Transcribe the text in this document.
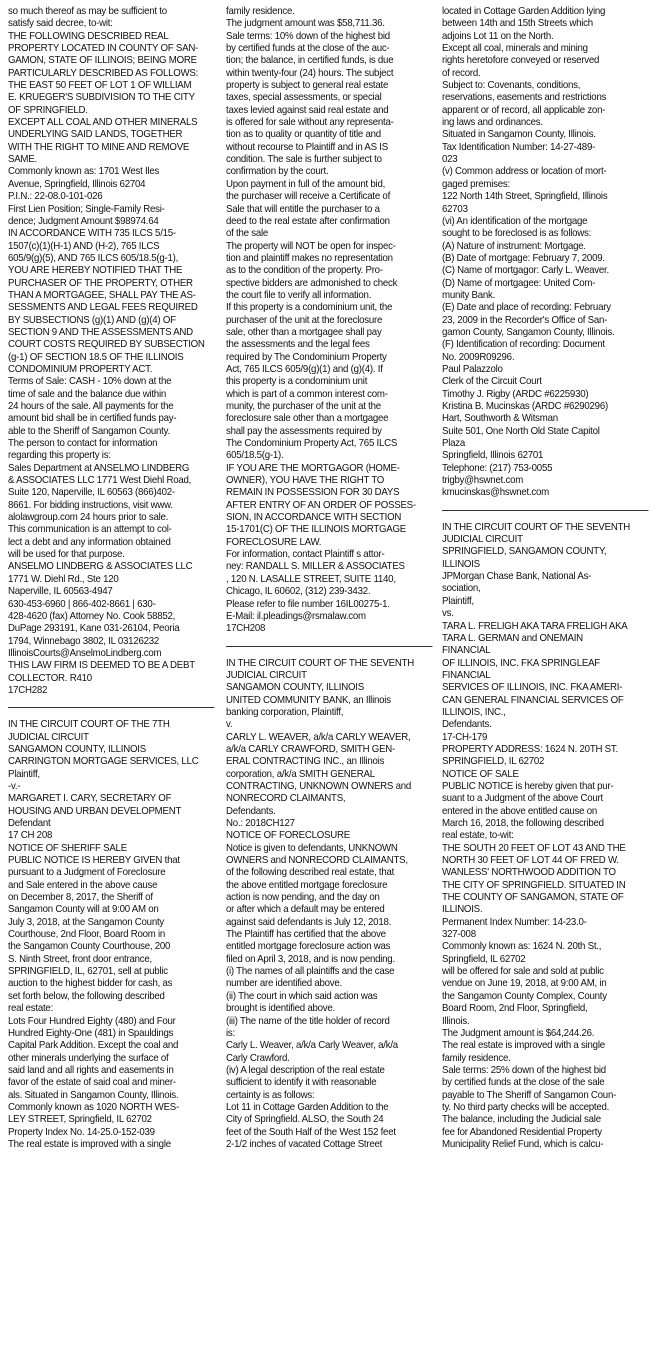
so much thereof as may be sufficient to
satisfy said decree, to-wit:
THE FOLLOWING DESCRIBED REAL
PROPERTY LOCATED IN COUNTY OF SAN-
GAMON, STATE OF ILLINOIS; BEING MORE
PARTICULARLY DESCRIBED AS FOLLOWS:
THE EAST 50 FEET OF LOT 1 OF WILLIAM
E. KRUEGER'S SUBDIVISION TO THE CITY
OF SPRINGFIELD.
EXCEPT ALL COAL AND OTHER MINERALS
UNDERLYING SAID LANDS, TOGETHER
WITH THE RIGHT TO MINE AND REMOVE
SAME.
Commonly known as: 1701 West Iles
Avenue, Springfield, Illinois 62704
P.I.N.: 22-08.0-101-026
First Lien Position; Single-Family Resi-
dence; Judgment Amount $98974.64
IN ACCORDANCE WITH 735 ILCS 5/15-
1507(c)(1)(H-1) AND (H-2), 765 ILCS
605/9(g)(5), AND 765 ILCS 605/18.5(g-1),
YOU ARE HEREBY NOTIFIED THAT THE
PURCHASER OF THE PROPERTY, OTHER
THAN A MORTGAGEE, SHALL PAY THE AS-
SESSMENTS AND LEGAL FEES REQUIRED
BY SUBSECTIONS (g)(1) AND (g)(4) OF
SECTION 9 AND THE ASSESSMENTS AND
COURT COSTS REQUIRED BY SUBSECTION
(g-1) OF SECTION 18.5 OF THE ILLINOIS
CONDOMINIUM PROPERTY ACT.
Terms of Sale: CASH - 10% down at the
time of sale and the balance due within
24 hours of the sale. All payments for the
amount bid shall be in certified funds pay-
able to the Sheriff of Sangamon County.
The person to contact for information
regarding this property is:
Sales Department at ANSELMO LINDBERG
& ASSOCIATES LLC 1771 West Diehl Road,
Suite 120, Naperville, IL 60563 (866)402-
8661. For bidding instructions, visit www.
alolawgroup.com 24 hours prior to sale.
This communication is an attempt to col-
lect a debt and any information obtained
will be used for that purpose.
ANSELMO LINDBERG & ASSOCIATES LLC
1771 W. Diehl Rd., Ste 120
Naperville, IL 60563-4947
630-453-6960 | 866-402-8661 | 630-
428-4620 (fax) Attorney No. Cook 58852,
DuPage 293191, Kane 031-26104, Peoria
1794, Winnebago 3802, IL 03126232
IllinoisCourts@AnselmoLindberg.com
THIS LAW FIRM IS DEEMED TO BE A DEBT
COLLECTOR. R410
17CH282
IN THE CIRCUIT COURT OF THE 7TH
JUDICIAL CIRCUIT
SANGAMON COUNTY, ILLINOIS
CARRINGTON MORTGAGE SERVICES, LLC
Plaintiff,
-v.-
MARGARET I. CARY, SECRETARY OF
HOUSING AND URBAN DEVELOPMENT
Defendant
17 CH 208
NOTICE OF SHERIFF SALE
PUBLIC NOTICE IS HEREBY GIVEN that
pursuant to a Judgment of Foreclosure
and Sale entered in the above cause
on December 8, 2017, the Sheriff of
Sangamon County will at 9:00 AM on
July 3, 2018, at the Sangamon County
Courthouse, 2nd Floor, Board Room in
the Sangamon County Courthouse, 200
S. Ninth Street, front door entrance,
SPRINGFIELD, IL, 62701, sell at public
auction to the highest bidder for cash, as
set forth below, the following described
real estate:
Lots Four Hundred Eighty (480) and Four
Hundred Eighty-One (481) in Spauldings
Capital Park Addition. Except the coal and
other minerals underlying the surface of
said land and all rights and easements in
favor of the estate of said coal and miner-
als. Situated in Sangamon County, Illinois.
Commonly known as 1020 NORTH WES-
LEY STREET, Springfield, IL 62702
Property Index No. 14-25.0-152-039
The real estate is improved with a single
family residence.
The judgment amount was $58,711.36.
Sale terms: 10% down of the highest bid
by certified funds at the close of the auc-
tion; the balance, in certified funds, is due
within twenty-four (24) hours. The subject
property is subject to general real estate
taxes, special assessments, or special
taxes levied against said real estate and
is offered for sale without any representa-
tion as to quality or quantity of title and
without recourse to Plaintiff and in AS IS
condition. The sale is further subject to
confirmation by the court.
Upon payment in full of the amount bid,
the purchaser will receive a Certificate of
Sale that will entitle the purchaser to a
deed to the real estate after confirmation
of the sale
The property will NOT be open for inspec-
tion and plaintiff makes no representation
as to the condition of the property. Pro-
spective bidders are admonished to check
the court file to verify all information.
If this property is a condominium unit, the
purchaser of the unit at the foreclosure
sale, other than a mortgagee shall pay
the assessments and the legal fees
required by The Condominium Property
Act, 765 ILCS 605/9(g)(1) and (g)(4). If
this property is a condominium unit
which is part of a common interest com-
munity, the purchaser of the unit at the
foreclosure sale other than a mortgagee
shall pay the assessments required by
The Condominium Property Act, 765 ILCS
605/18.5(g-1).
IF YOU ARE THE MORTGAGOR (HOME-
OWNER), YOU HAVE THE RIGHT TO
REMAIN IN POSSESSION FOR 30 DAYS
AFTER ENTRY OF AN ORDER OF POSSES-
SION, IN ACCORDANCE WITH SECTION
15-1701(C) OF THE ILLINOIS MORTGAGE
FORECLOSURE LAW.
For information, contact Plaintiff s attor-
ney: RANDALL S. MILLER & ASSOCIATES
, 120 N. LASALLE STREET, SUITE 1140,
Chicago, IL 60602, (312) 239-3432.
Please refer to file number 16IL00275-1.
E-Mail: il.pleadings@rsmalaw.com
17CH208
IN THE CIRCUIT COURT OF THE SEVENTH
JUDICIAL CIRCUIT
SANGAMON COUNTY, ILLINOIS
UNITED COMMUNITY BANK, an Illinois
banking corporation, Plaintiff,
v.
CARLY L. WEAVER, a/k/a CARLY WEAVER,
a/k/a CARLY CRAWFORD, SMITH GEN-
ERAL CONTRACTING INC., an Illinois
corporation, a/k/a SMITH GENERAL
CONTRACTING, UNKNOWN OWNERS and
NONRECORD CLAIMANTS,
Defendants.
No.: 2018CH127
NOTICE OF FORECLOSURE
Notice is given to defendants, UNKNOWN
OWNERS and NONRECORD CLAIMANTS,
of the following described real estate, that
the above entitled mortgage foreclosure
action is now pending, and the day on
or after which a default may be entered
against said defendants is July 12, 2018.
The Plaintiff has certified that the above
entitled mortgage foreclosure action was
filed on April 3, 2018, and is now pending.
(i) The names of all plaintiffs and the case
number are identified above.
(ii) The court in which said action was
brought is identified above.
(iii) The name of the title holder of record
is:
Carly L. Weaver, a/k/a Carly Weaver, a/k/a
Carly Crawford.
(iv) A legal description of the real estate
sufficient to identify it with reasonable
certainty is as follows:
Lot 11 in Cottage Garden Addition to the
City of Springfield. ALSO, the South 24
feet of the South Half of the West 152 feet
2-1/2 inches of vacated Cottage Street
located in Cottage Garden Addition lying
between 14th and 15th Streets which
adjoins Lot 11 on the North.
Except all coal, minerals and mining
rights heretofore conveyed or reserved
of record.
Subject to: Covenants, conditions,
reservations, easements and restrictions
apparent or of record, all applicable zon-
ing laws and ordinances.
Situated in Sangamon County, Illinois.
Tax Identification Number: 14-27-489-
023
(v) Common address or location of mort-
gaged premises:
122 North 14th Street, Springfield, Illinois
62703
(vi) An identification of the mortgage
sought to be foreclosed is as follows:
(A) Nature of instrument: Mortgage.
(B) Date of mortgage: February 7, 2009.
(C) Name of mortgagor: Carly L. Weaver.
(D) Name of mortgagee: United Com-
munity Bank.
(E) Date and place of recording: February
23, 2009 in the Recorder's Office of San-
gamon County, Sangamon County, Illinois.
(F) Identification of recording: Document
No. 2009R09296.
Paul Palazzolo
Clerk of the Circuit Court
Timothy J. Rigby (ARDC #6225930)
Kristina B. Mucinskas (ARDC #6290296)
Hart, Southworth & Witsman
Suite 501, One North Old State Capitol
Plaza
Springfield, Illinois 62701
Telephone: (217) 753-0055
trigby@hswnet.com
kmucinskas@hswnet.com
IN THE CIRCUIT COURT OF THE SEVENTH
JUDICIAL CIRCUIT
SPRINGFIELD, SANGAMON COUNTY,
ILLINOIS
JPMorgan Chase Bank, National As-
sociation,
Plaintiff,
vs.
TARA L. FRELIGH AKA TARA FRELIGH AKA
TARA L. GERMAN and ONEMAIN
FINANCIAL
OF ILLINOIS, INC. FKA SPRINGLEAF
FINANCIAL
SERVICES OF ILLINOIS, INC. FKA AMERI-
CAN GENERAL FINANCIAL SERVICES OF
ILLINOIS, INC.,
Defendants.
17-CH-179
PROPERTY ADDRESS: 1624 N. 20TH ST.
SPRINGFIELD, IL 62702
NOTICE OF SALE
PUBLIC NOTICE is hereby given that pur-
suant to a Judgment of the above Court
entered in the above entitled cause on
March 16, 2018, the following described
real estate, to-wit:
THE SOUTH 20 FEET OF LOT 43 AND THE
NORTH 30 FEET OF LOT 44 OF FRED W.
WANLESS' NORTHWOOD ADDITION TO
THE CITY OF SPRINGFIELD. SITUATED IN
THE COUNTY OF SANGAMON, STATE OF
ILLINOIS.
Permanent Index Number: 14-23.0-
327-008
Commonly known as: 1624 N. 20th St.,
Springfield, IL 62702
will be offered for sale and sold at public
vendue on June 19, 2018, at 9:00 AM, in
the Sangamon County Complex, County
Board Room, 2nd Floor, Springfield,
Illinois.
The Judgment amount is $64,244.26.
The real estate is improved with a single
family residence.
Sale terms: 25% down of the highest bid
by certified funds at the close of the sale
payable to The Sheriff of Sangamon Coun-
ty. No third party checks will be accepted.
The balance, including the Judicial sale
fee for Abandoned Residential Property
Municipality Relief Fund, which is calcu-
